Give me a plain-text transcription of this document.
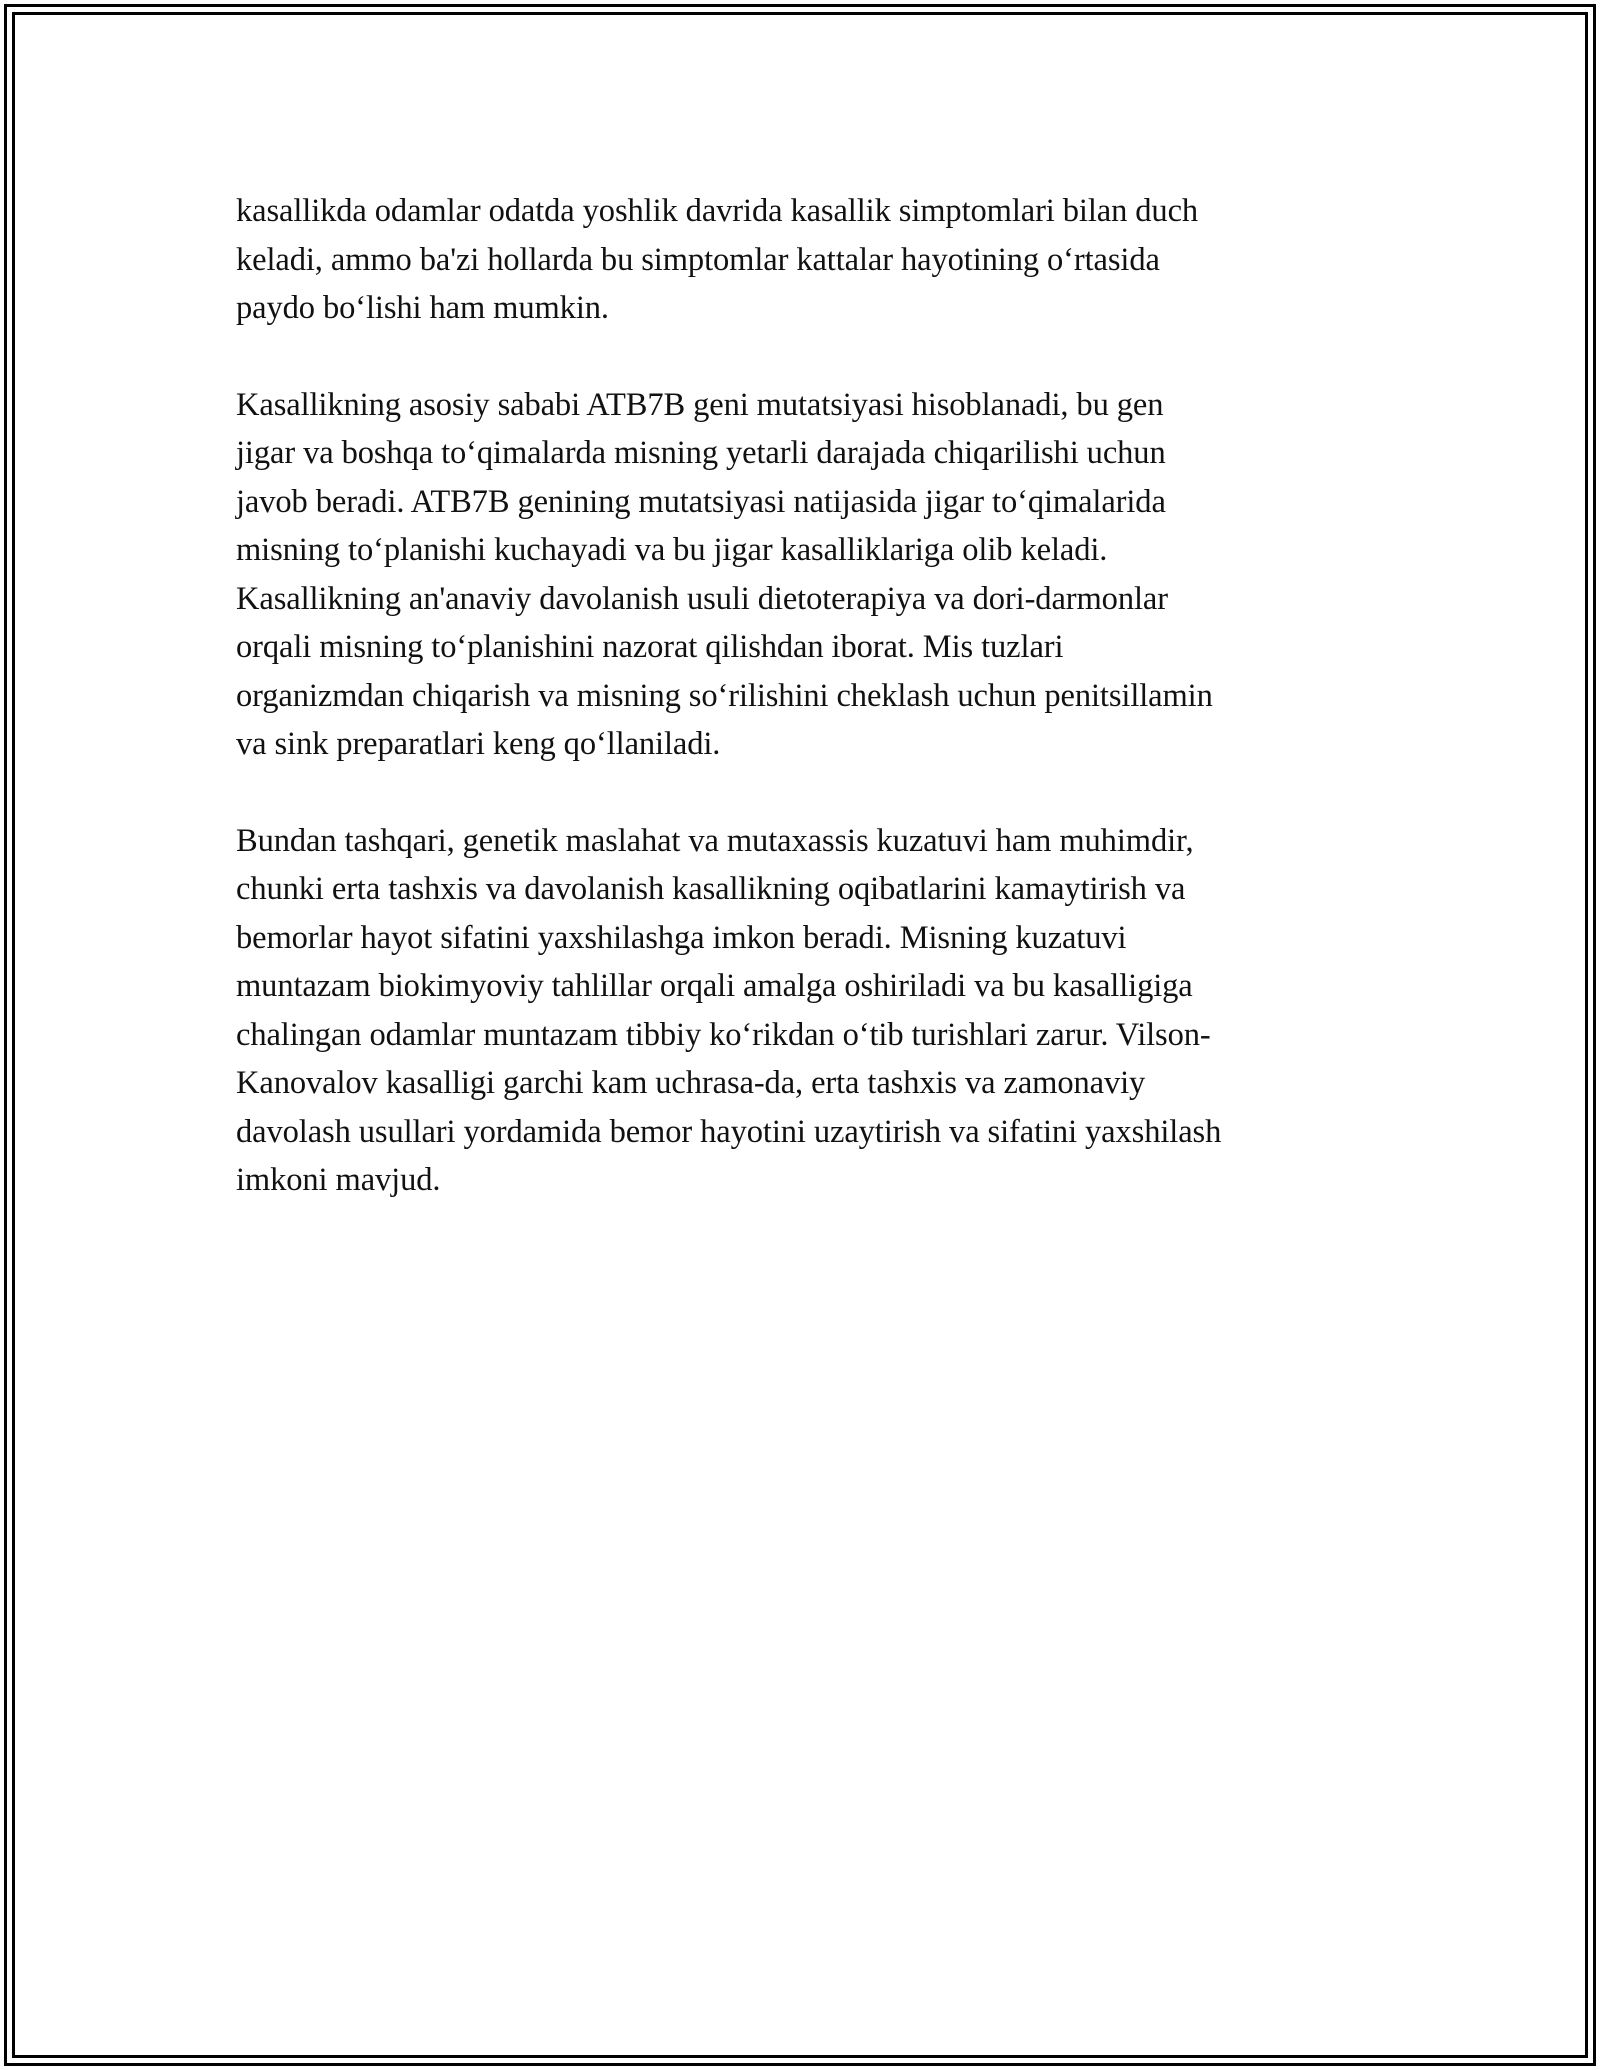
kasallikda odamlar odatda yoshlik davrida kasallik simptomlari bilan duch
keladi, ammo ba'zi hollarda bu simptomlar kattalar hayotining o‘rtasida
paydo bo‘lishi ham mumkin.

Kasallikning asosiy sababi ATB7B geni mutatsiyasi hisoblanadi, bu gen
jigar va boshqa to‘qimalarda misning yetarli darajada chiqarilishi uchun
javob beradi. ATB7B genining mutatsiyasi natijasida jigar to‘qimalarida
misning to‘planishi kuchayadi va bu jigar kasalliklariga olib keladi.
Kasallikning an'anaviy davolanish usuli dietoterapiya va dori-darmonlar
orqali misning to‘planishini nazorat qilishdan iborat. Mis tuzlari
organizmdan chiqarish va misning so‘rilishini cheklash uchun penitsillamin
va sink preparatlari keng qo‘llaniladi.

Bundan tashqari, genetik maslahat va mutaxassis kuzatuvi ham muhimdir,
chunki erta tashxis va davolanish kasallikning oqibatlarini kamaytirish va
bemorlar hayot sifatini yaxshilashga imkon beradi. Misning kuzatuvi
muntazam biokimyoviy tahlillar orqali amalga oshiriladi va bu kasalligiga
chalingan odamlar muntazam tibbiy ko‘rikdan o‘tib turishlari zarur. Vilson-
Kanovalov kasalligi garchi kam uchrasa-da, erta tashxis va zamonaviy
davolash usullari yordamida bemor hayotini uzaytirish va sifatini yaxshilash
imkoni mavjud.
